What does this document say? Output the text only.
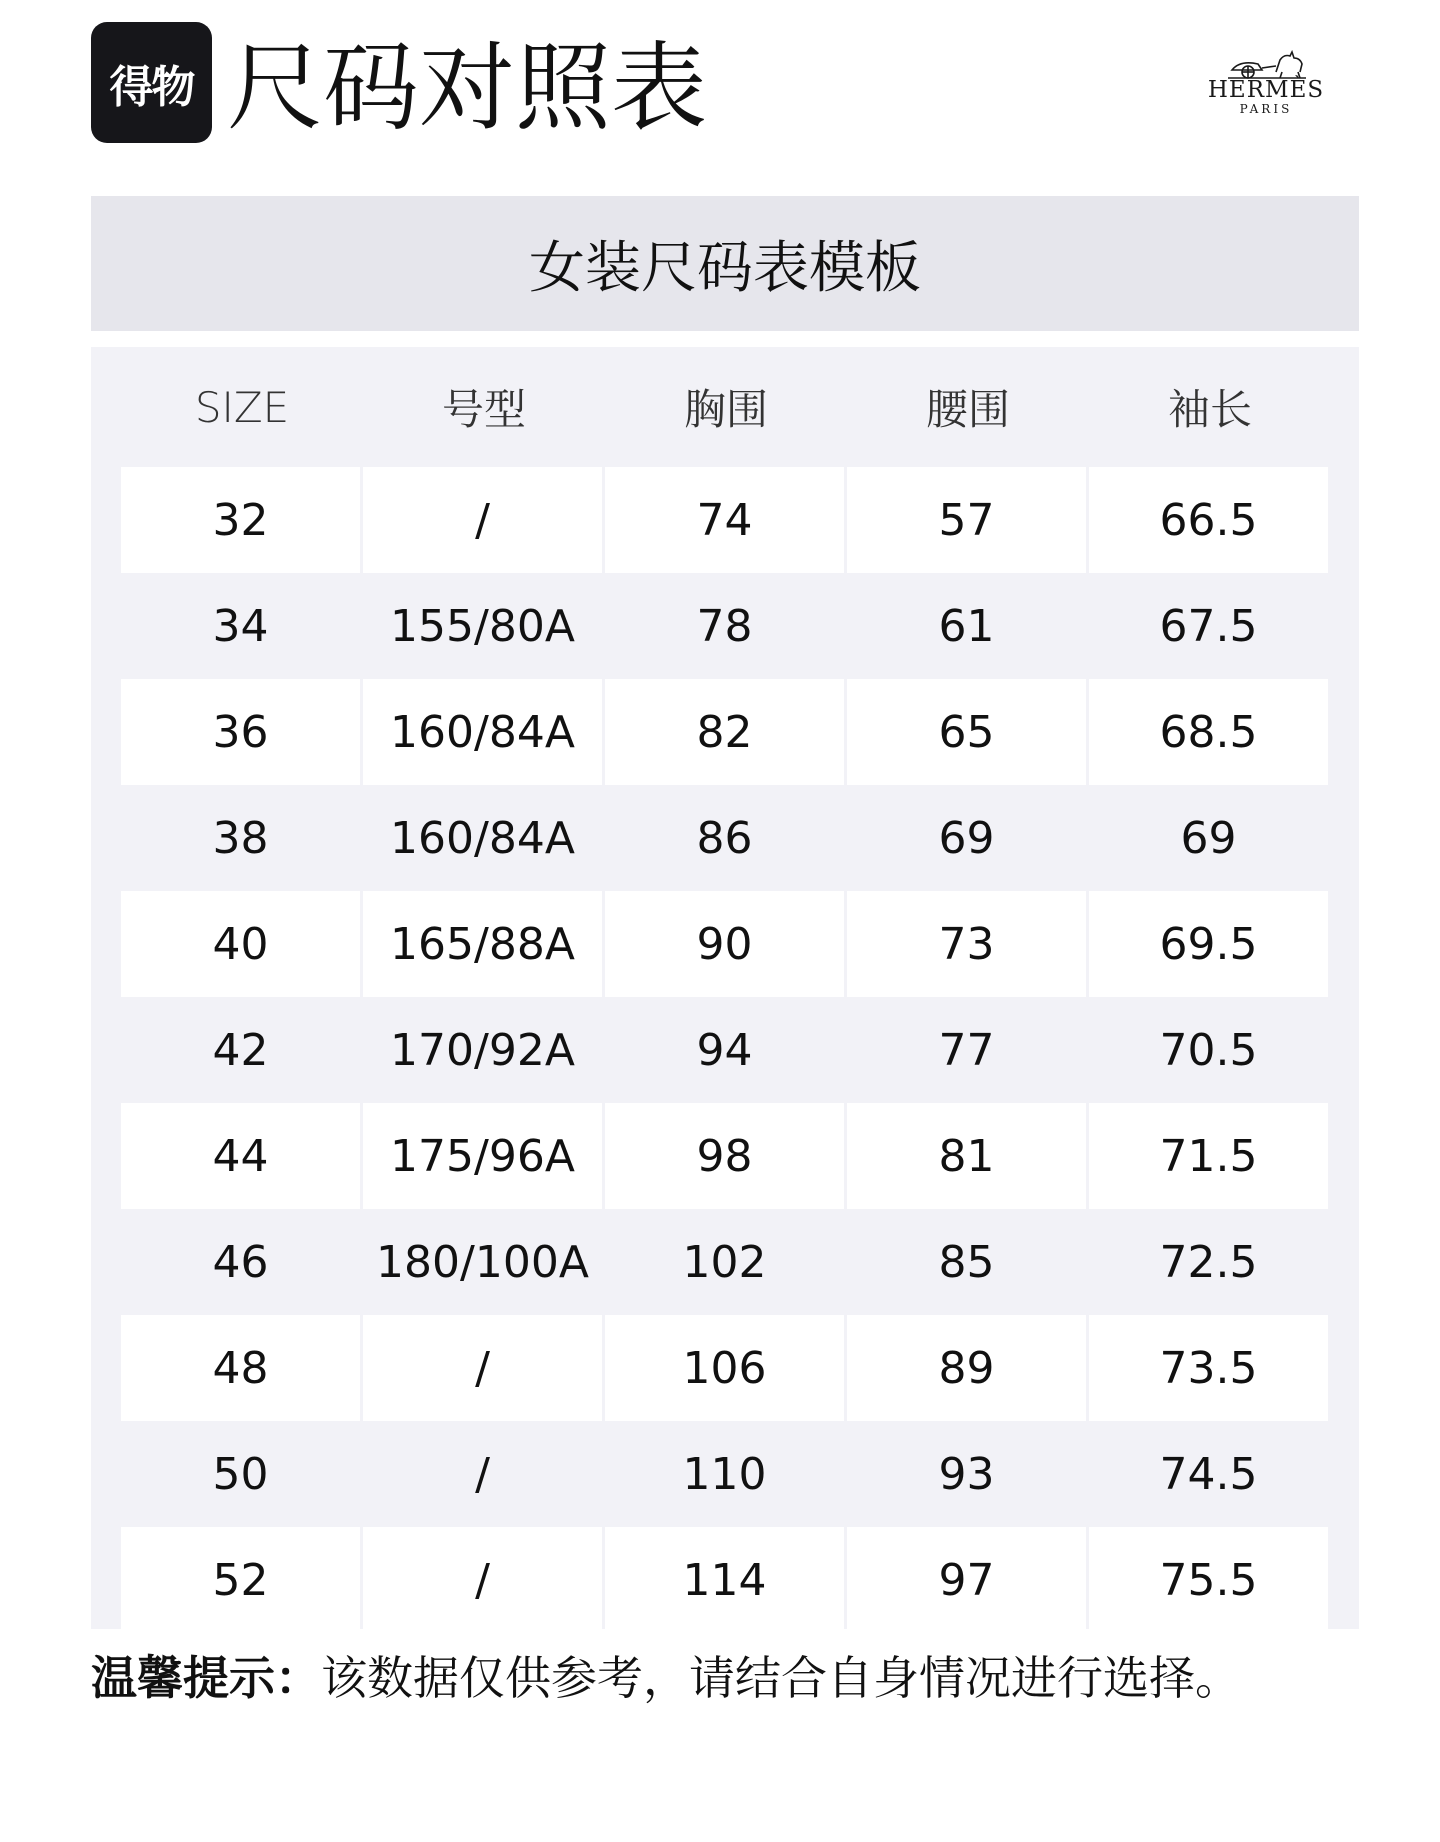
得物 尺码对照表	HERMÈS
PARIS
女装尺码表模板
SIZE	号型	胸围	腰围	袖长
32	/	74	57	66.5
34	155/80A	78	61	67.5
36	160/84A	82	65	68.5
38	160/84A	86	69	69
40	165/88A	90	73	69.5
42	170/92A	94	77	70.5
44	175/96A	98	81	71.5
46	180/100A	102	85	72.5
48	/	106	89	73.5
50	/	110	93	74.5
52	/	114	97	75.5
温馨提示：该数据仅供参考，请结合自身情况进行选择。
